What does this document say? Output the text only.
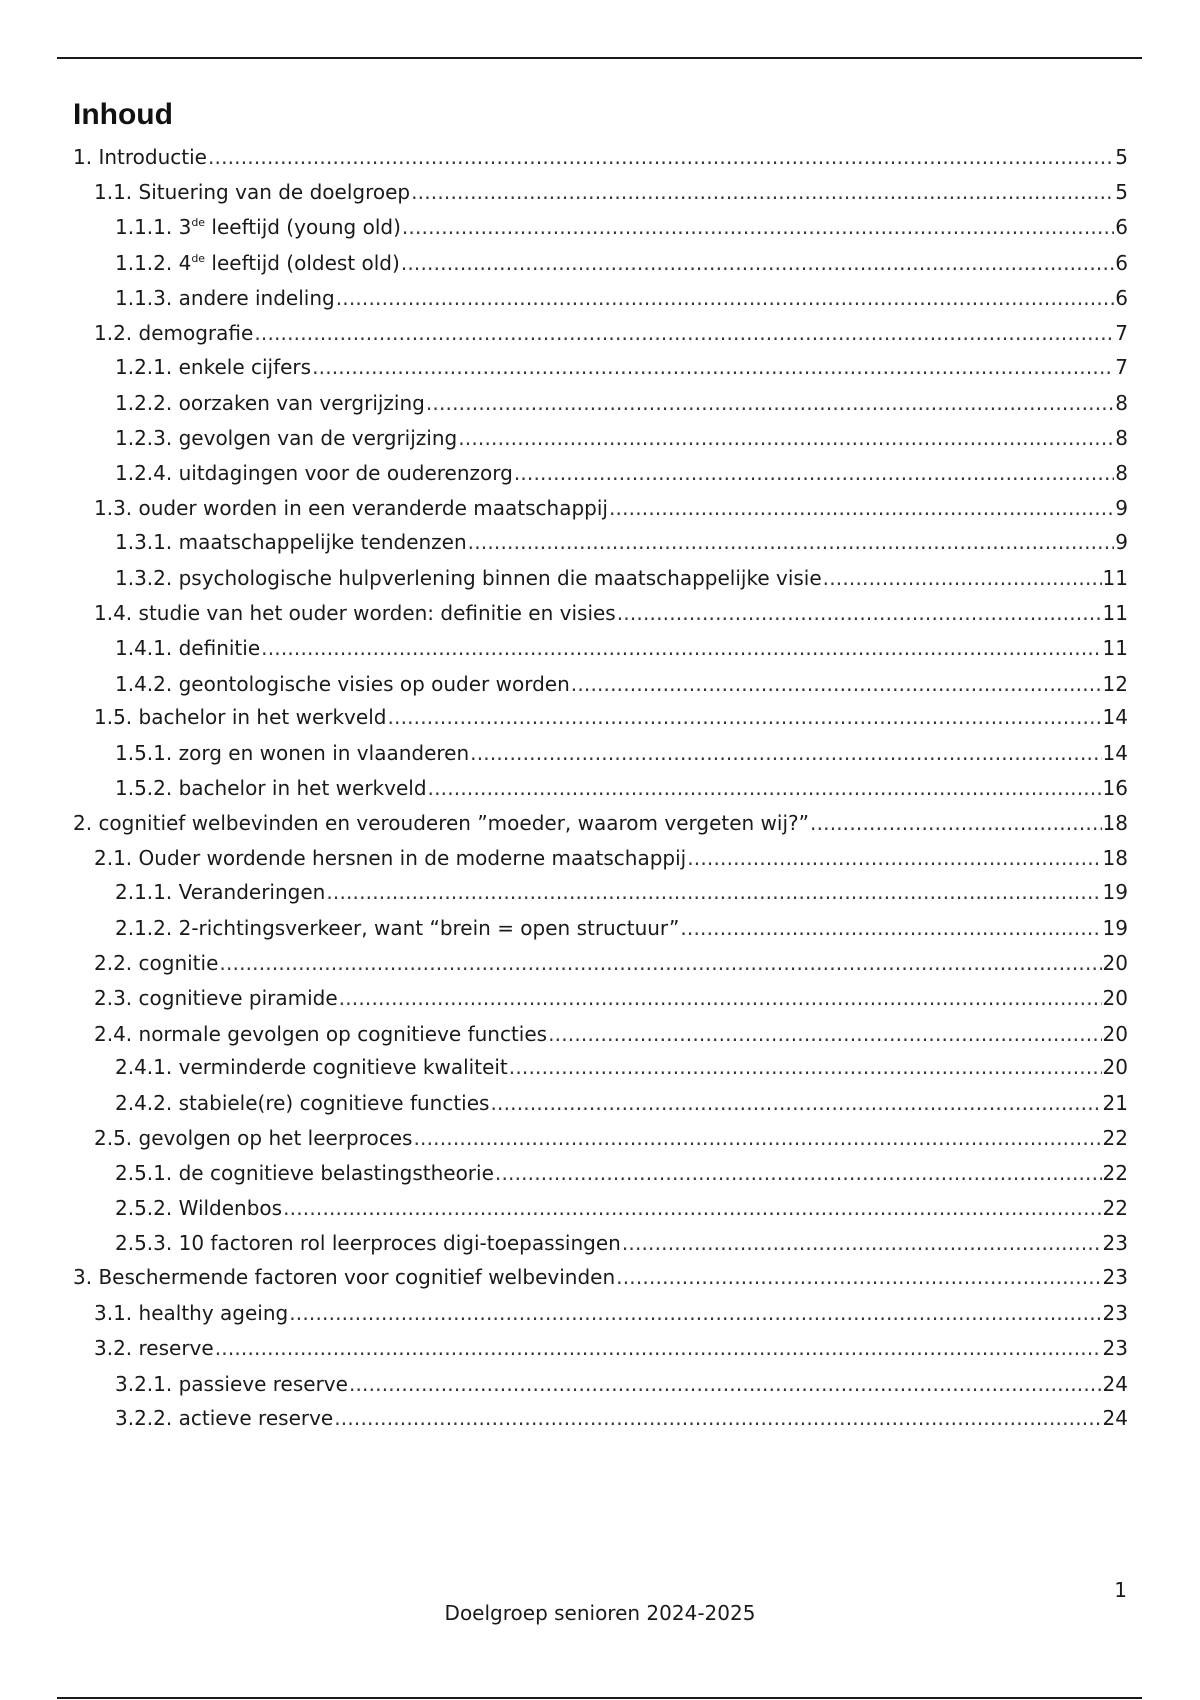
Inhoud
1. Introductie .....	5
1.1. Situering van de doelgroep .....	5
1.1.1. 3de leeftijd (young old) .....	6
1.1.2. 4de leeftijd (oldest old) .....	6
1.1.3. andere indeling .....	6
1.2. demografie .....	7
1.2.1. enkele cijfers .....	7
1.2.2. oorzaken van vergrijzing .....	8
1.2.3. gevolgen van de vergrijzing .....	8
1.2.4. uitdagingen voor de ouderenzorg .....	8
1.3. ouder worden in een veranderde maatschappij .....	9
1.3.1. maatschappelijke tendenzen .....	9
1.3.2. psychologische hulpverlening binnen die maatschappelijke visie .....	11
1.4. studie van het ouder worden: definitie en visies .....	11
1.4.1. definitie .....	11
1.4.2. geontologische visies op ouder worden .....	12
1.5. bachelor in het werkveld .....	14
1.5.1. zorg en wonen in vlaanderen .....	14
1.5.2. bachelor in het werkveld .....	16
2. cognitief welbevinden en verouderen ”moeder, waarom vergeten wij?” .....	18
2.1. Ouder wordende hersnen in de moderne maatschappij .....	18
2.1.1. Veranderingen .....	19
2.1.2. 2-richtingsverkeer, want “brein = open structuur” .....	19
2.2. cognitie .....	20
2.3. cognitieve piramide .....	20
2.4. normale gevolgen op cognitieve functies .....	20
2.4.1. verminderde cognitieve kwaliteit .....	20
2.4.2. stabiele(re) cognitieve functies .....	21
2.5. gevolgen op het leerproces .....	22
2.5.1. de cognitieve belastingstheorie .....	22
2.5.2. Wildenbos .....	22
2.5.3. 10 factoren rol leerproces digi-toepassingen .....	23
3. Beschermende factoren voor cognitief welbevinden .....	23
3.1. healthy ageing .....	23
3.2. reserve .....	23
3.2.1. passieve reserve .....	24
3.2.2. actieve reserve .....	24
1
Doelgroep senioren 2024-2025
